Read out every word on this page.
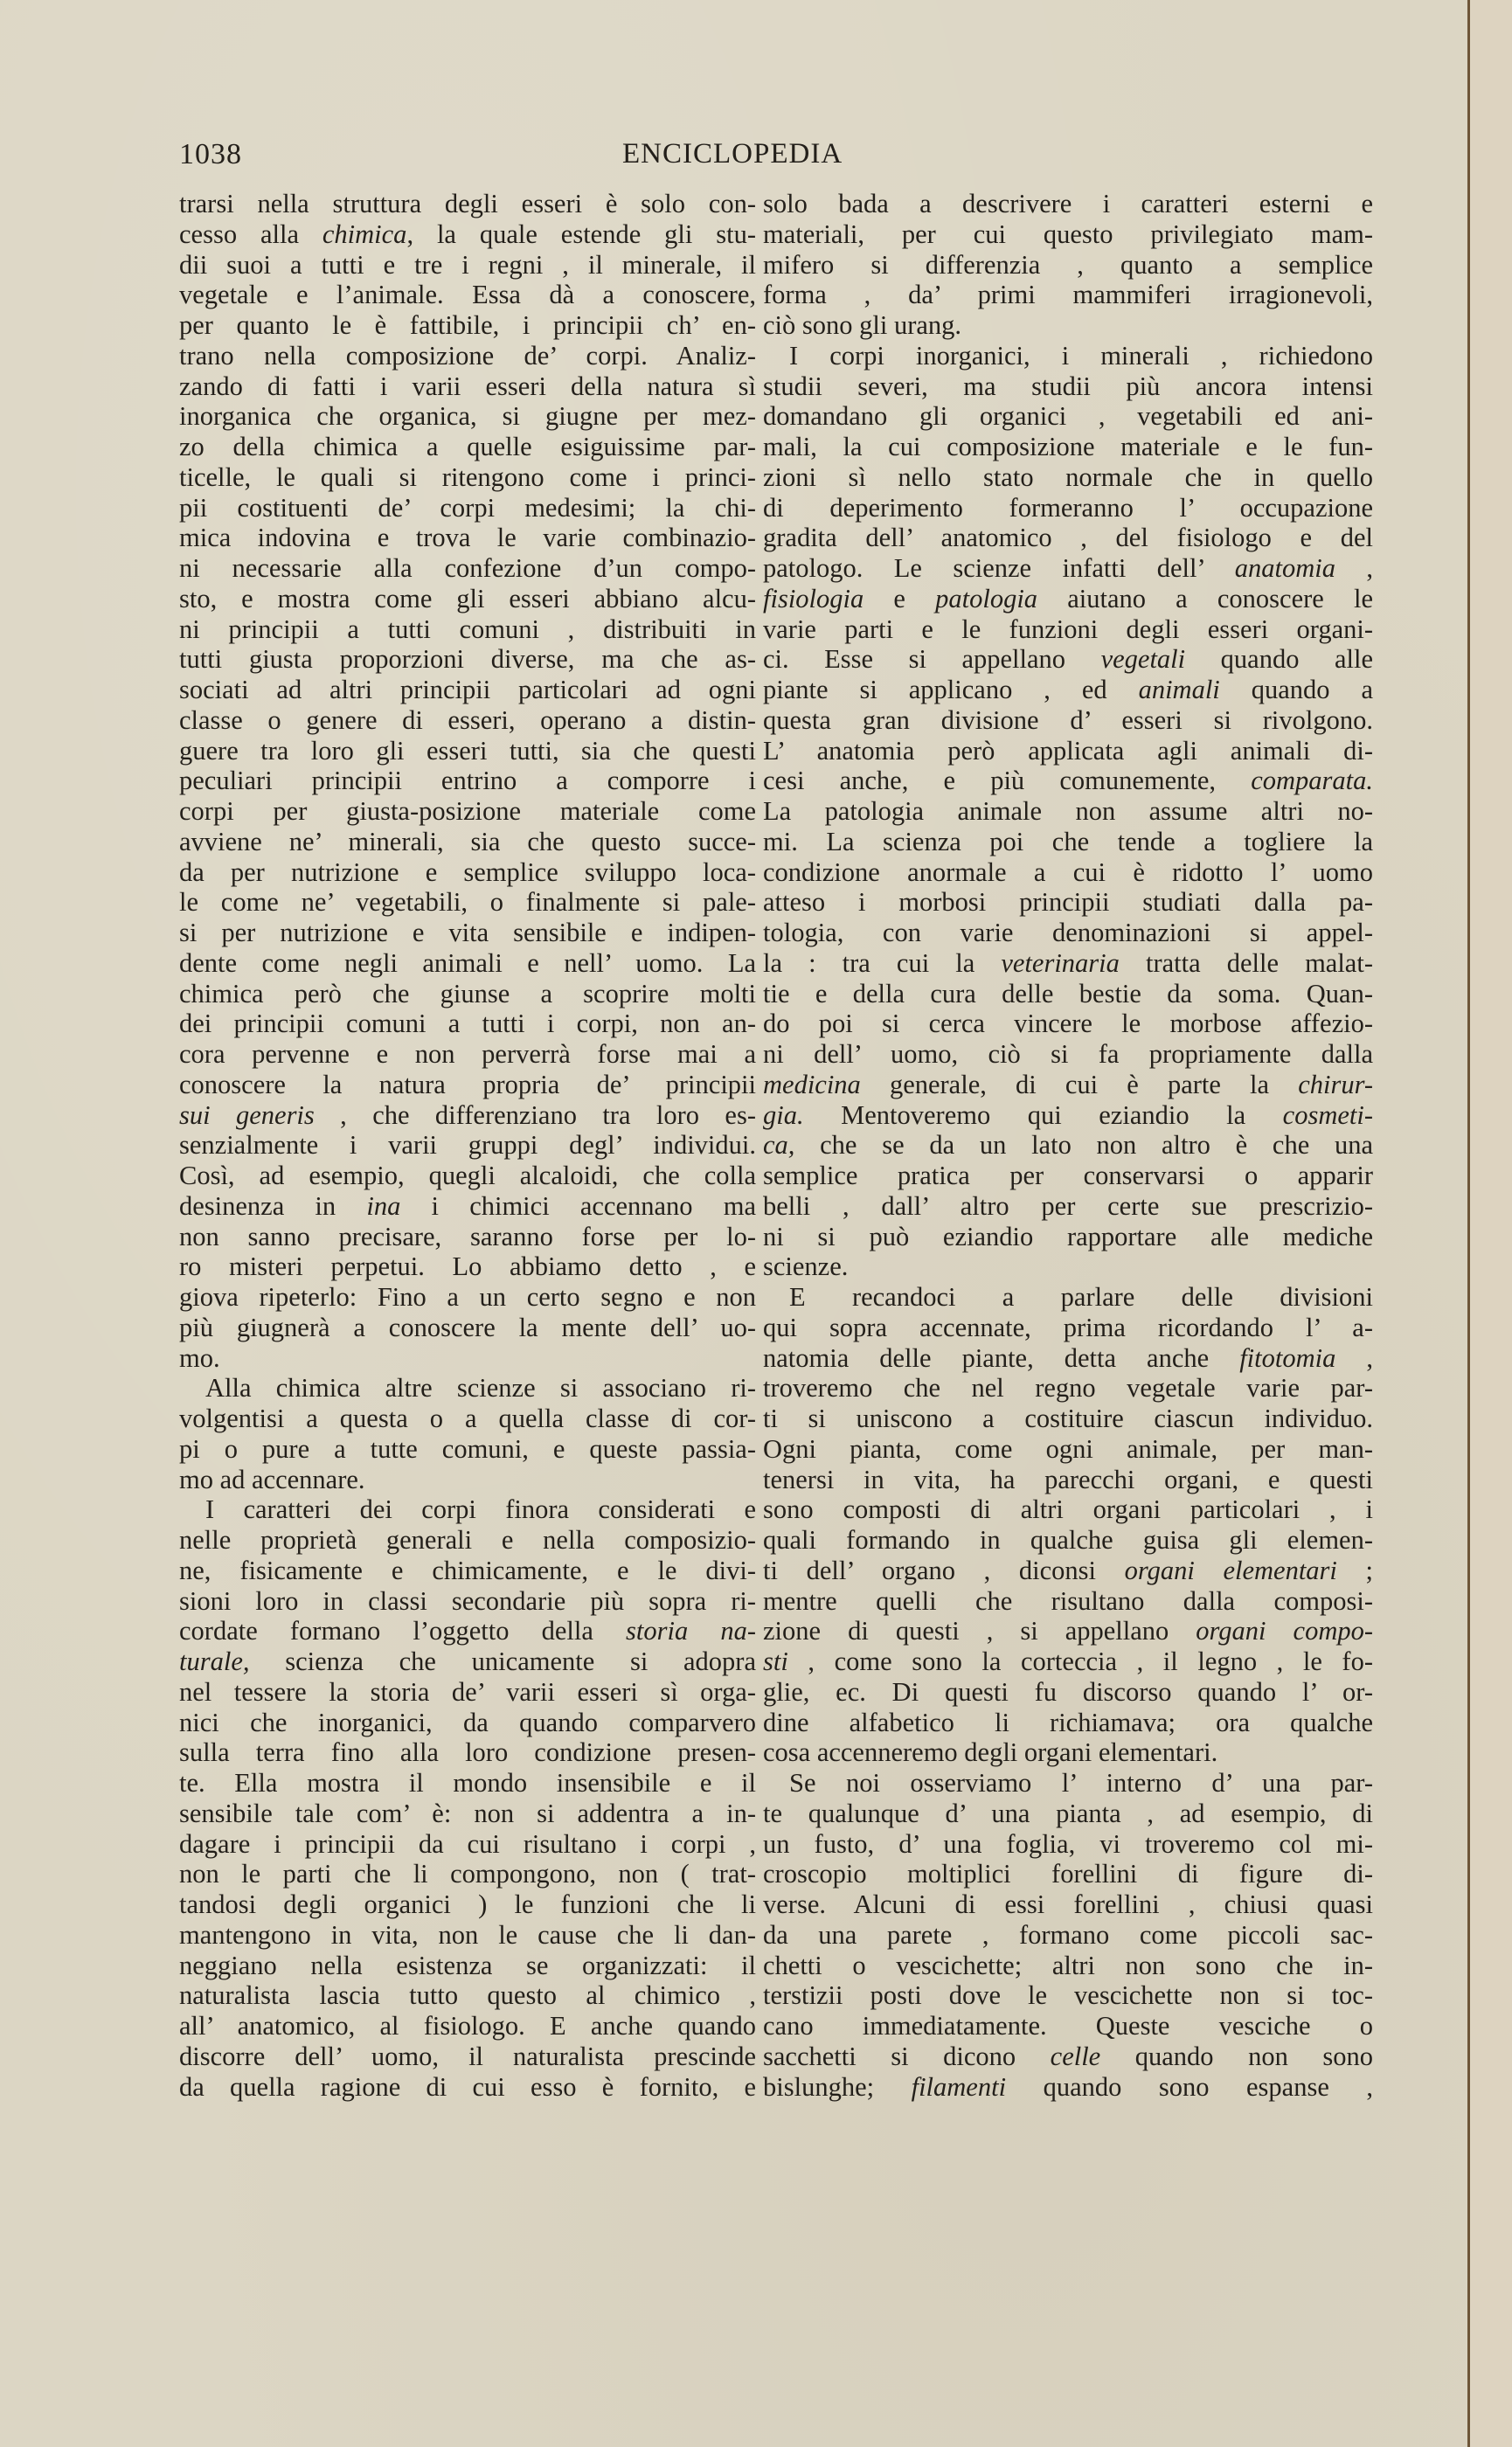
1038	ENCICLOPEDIA
trarsi nella struttura degli esseri è solo con-
cesso alla chimica, la quale estende gli stu-
dii suoi a tutti e tre i regni , il minerale, il
vegetale e l’animale. Essa dà a conoscere,
per quanto le è fattibile, i principii ch’ en-
trano nella composizione de’ corpi. Analiz-
zando di fatti i varii esseri della natura sì
inorganica che organica, si giugne per mez-
zo della chimica a quelle esiguissime par-
ticelle, le quali si ritengono come i princi-
pii costituenti de’ corpi medesimi; la chi-
mica indovina e trova le varie combinazio-
ni necessarie alla confezione d’un compo-
sto, e mostra come gli esseri abbiano alcu-
ni principii a tutti comuni , distribuiti in
tutti giusta proporzioni diverse, ma che as-
sociati ad altri principii particolari ad ogni
classe o genere di esseri, operano a distin-
guere tra loro gli esseri tutti, sia che questi
peculiari principii entrino a comporre i
corpi per giusta-posizione materiale come
avviene ne’ minerali, sia che questo succe-
da per nutrizione e semplice sviluppo loca-
le come ne’ vegetabili, o finalmente si pale-
si per nutrizione e vita sensibile e indipen-
dente come negli animali e nell’ uomo. La
chimica però che giunse a scoprire molti
dei principii comuni a tutti i corpi, non an-
cora pervenne e non perverrà forse mai a
conoscere la natura propria de’ principii
sui generis , che differenziano tra loro es-
senzialmente i varii gruppi degl’ individui.
Così, ad esempio, quegli alcaloidi, che colla
desinenza in ina i chimici accennano ma
non sanno precisare, saranno forse per lo-
ro misteri perpetui. Lo abbiamo detto , e
giova ripeterlo: Fino a un certo segno e non
più giugnerà a conoscere la mente dell’ uo-
mo.
Alla chimica altre scienze si associano ri-
volgentisi a questa o a quella classe di cor-
pi o pure a tutte comuni, e queste passia-
mo ad accennare.
I caratteri dei corpi finora considerati e
nelle proprietà generali e nella composizio-
ne, fisicamente e chimicamente, e le divi-
sioni loro in classi secondarie più sopra ri-
cordate formano l’oggetto della storia na-
turale, scienza che unicamente si adopra
nel tessere la storia de’ varii esseri sì orga-
nici che inorganici, da quando comparvero
sulla terra fino alla loro condizione presen-
te. Ella mostra il mondo insensibile e il
sensibile tale com’ è: non si addentra a in-
dagare i principii da cui risultano i corpi ,
non le parti che li compongono, non ( trat-
tandosi degli organici ) le funzioni che li
mantengono in vita, non le cause che li dan-
neggiano nella esistenza se organizzati: il
naturalista lascia tutto questo al chimico ,
all’ anatomico, al fisiologo. E anche quando
discorre dell’ uomo, il naturalista prescinde
da quella ragione di cui esso è fornito, e
solo bada a descrivere i caratteri esterni e
materiali, per cui questo privilegiato mam-
mifero si differenzia , quanto a semplice
forma , da’ primi mammiferi irragionevoli,
ciò sono gli urang.
I corpi inorganici, i minerali , richiedono
studii severi, ma studii più ancora intensi
domandano gli organici , vegetabili ed ani-
mali, la cui composizione materiale e le fun-
zioni sì nello stato normale che in quello
di deperimento formeranno l’ occupazione
gradita dell’ anatomico , del fisiologo e del
patologo. Le scienze infatti dell’ anatomia ,
fisiologia e patologia aiutano a conoscere le
varie parti e le funzioni degli esseri organi-
ci. Esse si appellano vegetali quando alle
piante si applicano , ed animali quando a
questa gran divisione d’ esseri si rivolgono.
L’ anatomia però applicata agli animali di-
cesi anche, e più comunemente, comparata.
La patologia animale non assume altri no-
mi. La scienza poi che tende a togliere la
condizione anormale a cui è ridotto l’ uomo
atteso i morbosi principii studiati dalla pa-
tologia, con varie denominazioni si appel-
la : tra cui la veterinaria tratta delle malat-
tie e della cura delle bestie da soma. Quan-
do poi si cerca vincere le morbose affezio-
ni dell’ uomo, ciò si fa propriamente dalla
medicina generale, di cui è parte la chirur-
gia. Mentoveremo qui eziandio la cosmeti-
ca, che se da un lato non altro è che una
semplice pratica per conservarsi o apparir
belli , dall’ altro per certe sue prescrizio-
ni si può eziandio rapportare alle mediche
scienze.
E recandoci a parlare delle divisioni
qui sopra accennate, prima ricordando l’ a-
natomia delle piante, detta anche fitotomia ,
troveremo che nel regno vegetale varie par-
ti si uniscono a costituire ciascun individuo.
Ogni pianta, come ogni animale, per man-
tenersi in vita, ha parecchi organi, e questi
sono composti di altri organi particolari , i
quali formando in qualche guisa gli elemen-
ti dell’ organo , diconsi organi elementari ;
mentre quelli che risultano dalla composi-
zione di questi , si appellano organi compo-
sti , come sono la corteccia , il legno , le fo-
glie, ec. Di questi fu discorso quando l’ or-
dine alfabetico li richiamava; ora qualche
cosa accenneremo degli organi elementari.
Se noi osserviamo l’ interno d’ una par-
te qualunque d’ una pianta , ad esempio, di
un fusto, d’ una foglia, vi troveremo col mi-
croscopio moltiplici forellini di figure di-
verse. Alcuni di essi forellini , chiusi quasi
da una parete , formano come piccoli sac-
chetti o vescichette; altri non sono che in-
terstizii posti dove le vescichette non si toc-
cano immediatamente. Queste vesciche o
sacchetti si dicono celle quando non sono
bislunghe; filamenti quando sono espanse ,
